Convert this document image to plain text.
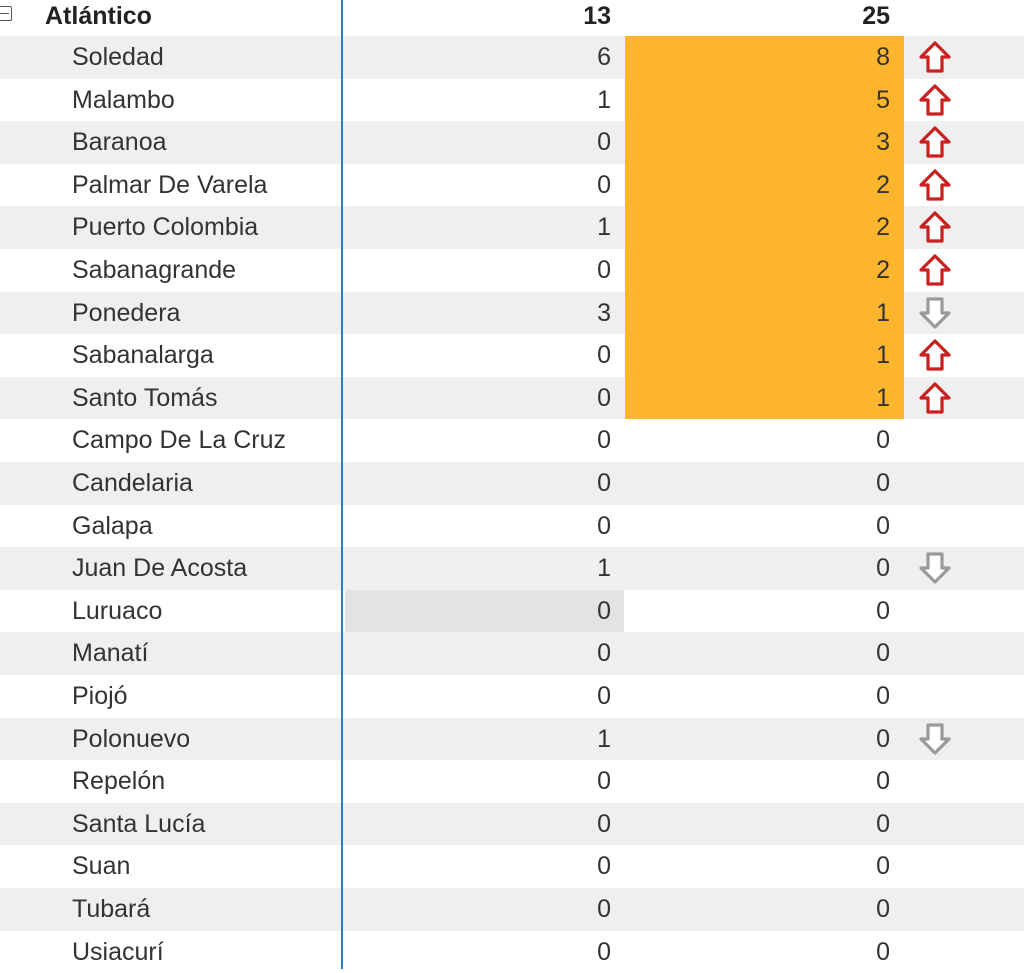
Atlántico	13	25
Soledad	6	8
Malambo	1	5
Baranoa	0	3
Palmar De Varela	0	2
Puerto Colombia	1	2
Sabanagrande	0	2
Ponedera	3	1
Sabanalarga	0	1
Santo Tomás	0	1
Campo De La Cruz	0	0
Candelaria	0	0
Galapa	0	0
Juan De Acosta	1	0
Luruaco	0	0
Manatí	0	0
Piojó	0	0
Polonuevo	1	0
Repelón	0	0
Santa Lucía	0	0
Suan	0	0
Tubará	0	0
Usiacurí	0	0
